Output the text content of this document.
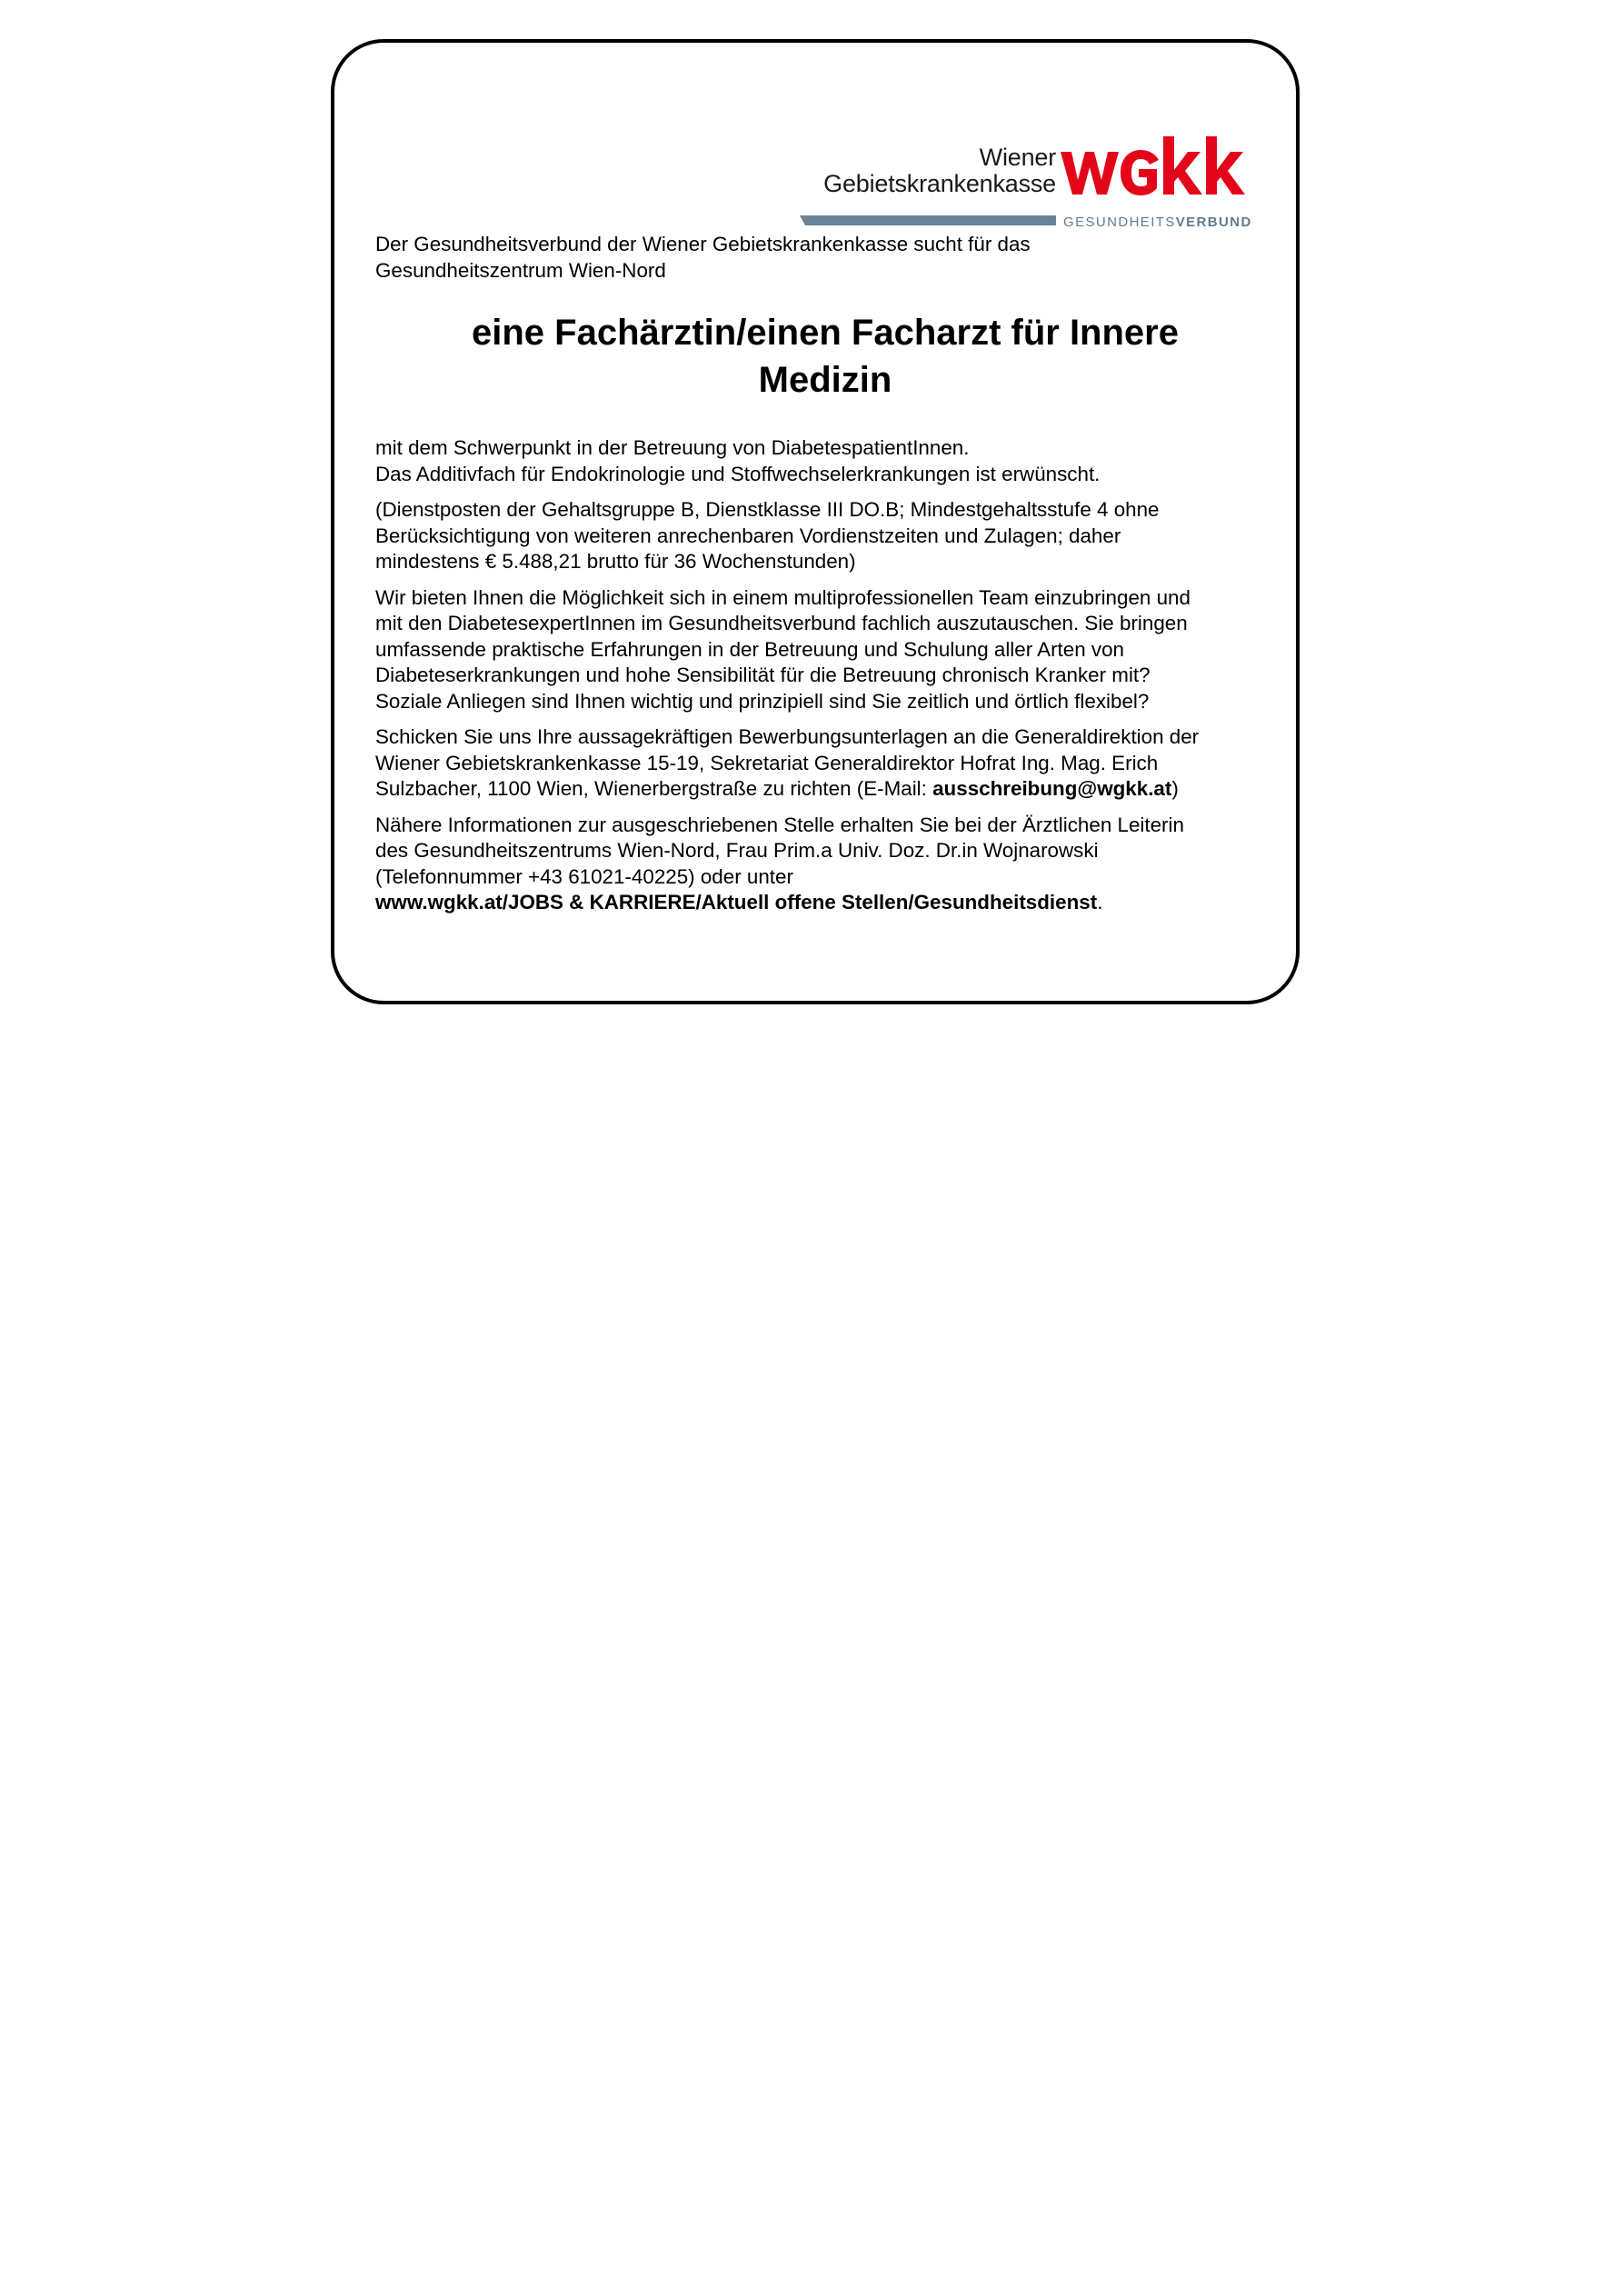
Wiener
Gebietskrankenkasse
GESUNDHEITSVERBUND

Der Gesundheitsverbund der Wiener Gebietskrankenkasse sucht für das
Gesundheitszentrum Wien-Nord

eine Fachärztin/einen Facharzt für Innere
Medizin

mit dem Schwerpunkt in der Betreuung von DiabetespatientInnen.
Das Additivfach für Endokrinologie und Stoffwechselerkrankungen ist erwünscht.

(Dienstposten der Gehaltsgruppe B, Dienstklasse III DO.B; Mindestgehaltsstufe 4 ohne
Berücksichtigung von weiteren anrechenbaren Vordienstzeiten und Zulagen; daher
mindestens € 5.488,21 brutto für 36 Wochenstunden)

Wir bieten Ihnen die Möglichkeit sich in einem multiprofessionellen Team einzubringen und
mit den DiabetesexpertInnen im Gesundheitsverbund fachlich auszutauschen. Sie bringen
umfassende praktische Erfahrungen in der Betreuung und Schulung aller Arten von
Diabeteserkrankungen und hohe Sensibilität für die Betreuung chronisch Kranker mit?
Soziale Anliegen sind Ihnen wichtig und prinzipiell sind Sie zeitlich und örtlich flexibel?

Schicken Sie uns Ihre aussagekräftigen Bewerbungsunterlagen an die Generaldirektion der
Wiener Gebietskrankenkasse 15-19, Sekretariat Generaldirektor Hofrat Ing. Mag. Erich
Sulzbacher, 1100 Wien, Wienerbergstraße zu richten (E-Mail: ausschreibung@wgkk.at)

Nähere Informationen zur ausgeschriebenen Stelle erhalten Sie bei der Ärztlichen Leiterin
des Gesundheitszentrums Wien-Nord, Frau Prim.a Univ. Doz. Dr.in Wojnarowski
(Telefonnummer +43 61021-40225) oder unter
www.wgkk.at/JOBS & KARRIERE/Aktuell offene Stellen/Gesundheitsdienst.
